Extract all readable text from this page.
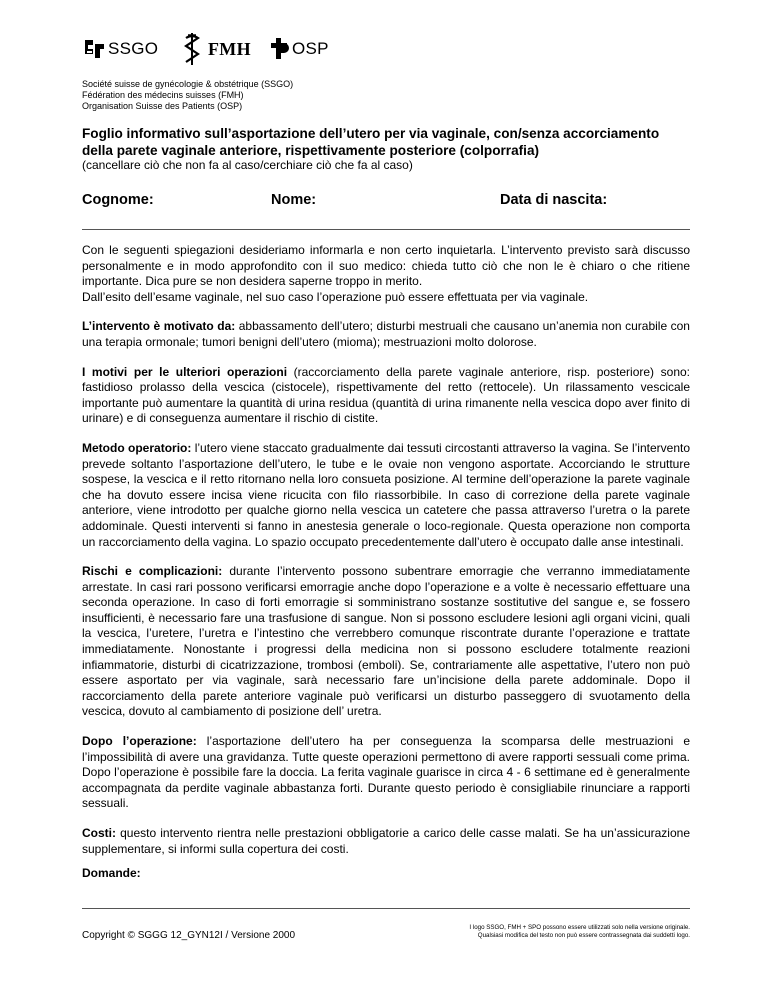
SSGO	FMH OSP
Société suisse de gynécologie & obstétrique (SSGO)
Fédération des médecins suisses (FMH)
Organisation Suisse des Patients (OSP)
Foglio informativo sull’asportazione dell’utero per via vaginale, con/senza accorciamento della parete vaginale anteriore, rispettivamente posteriore (colporrafia)
(cancellare ciò che non fa al caso/cerchiare ciò che fa al caso)
Cognome:	Nome:	Data di nascita:

Con le seguenti spiegazioni desideriamo informarla e non certo inquietarla. L’intervento previsto sarà discusso personalmente e in modo approfondito con il suo medico: chieda tutto ciò che non le è chiaro o che ritiene importante. Dica pure se non desidera saperne troppo in merito.
Dall’esito dell’esame vaginale, nel suo caso l’operazione può essere effettuata per via vaginale.

L’intervento è motivato da: abbassamento dell’utero; disturbi mestruali che causano un’anemia non curabile con una terapia ormonale; tumori benigni dell’utero (mioma); mestruazioni molto dolorose.

I motivi per le ulteriori operazioni (raccorciamento della parete vaginale anteriore, risp. posteriore) sono: fastidioso prolasso della vescica (cistocele), rispettivamente del retto (rettocele). Un rilassamento vescicale importante può aumentare la quantità di urina residua (quantità di urina rimanente nella vescica dopo aver finito di urinare) e di conseguenza aumentare il rischio di cistite.

Metodo operatorio: l’utero viene staccato gradualmente dai tessuti circostanti attraverso la vagina. Se l’intervento prevede soltanto l’asportazione dell’utero, le tube e le ovaie non vengono asportate. Accorciando le strutture sospese, la vescica e il retto ritornano nella loro consueta posizione. Al termine dell’operazione la parete vaginale che ha dovuto essere incisa viene ricucita con filo riassorbibile. In caso di correzione della parete vaginale anteriore, viene introdotto per qualche giorno nella vescica un catetere che passa attraverso l’uretra o la parete addominale. Questi interventi si fanno in anestesia generale o loco-regionale. Questa operazione non comporta un raccorciamento della vagina. Lo spazio occupato precedentemente dall’utero è occupato dalle anse intestinali.

Rischi e complicazioni: durante l’intervento possono subentrare emorragie che verranno immediatamente arrestate. In casi rari possono verificarsi emorragie anche dopo l’operazione e a volte è necessario effettuare una seconda operazione. In caso di forti emorragie si somministrano sostanze sostitutive del sangue e, se fossero insufficienti, è necessario fare una trasfusione di sangue. Non si possono escludere lesioni agli organi vicini, quali la vescica, l’uretere, l’uretra e l’intestino che verrebbero comunque riscontrate durante l’operazione e trattate immediatamente. Nonostante i progressi della medicina non si possono escludere totalmente reazioni infiammatorie, disturbi di cicatrizzazione, trombosi (emboli). Se, contrariamente alle aspettative, l’utero non può essere asportato per via vaginale, sarà necessario fare un’incisione della parete addominale. Dopo il raccorciamento della parete anteriore vaginale può verificarsi un disturbo passeggero di svuotamento della vescica, dovuto al cambiamento di posizione dell’ uretra.

Dopo l’operazione: l’asportazione dell’utero ha per conseguenza la scomparsa delle mestruazioni e l’impossibilità di avere una gravidanza. Tutte queste operazioni permettono di avere rapporti sessuali come prima. Dopo l’operazione è possibile fare la doccia. La ferita vaginale guarisce in circa 4 - 6 settimane ed è generalmente accompagnata da perdite vaginale abbastanza forti. Durante questo periodo è consigliabile rinunciare a rapporti sessuali.

Costi: questo intervento rientra nelle prestazioni obbligatorie a carico delle casse malati. Se ha un’assicurazione supplementare, si informi sulla copertura dei costi.

Domande:
Copyright © SGGG 12_GYN12I / Versione 2000
I logo SSGO, FMH + SPO possono essere utilizzati solo nella versione originale.
Qualsiasi modifica del testo non può essere contrassegnata dai suddetti logo.
